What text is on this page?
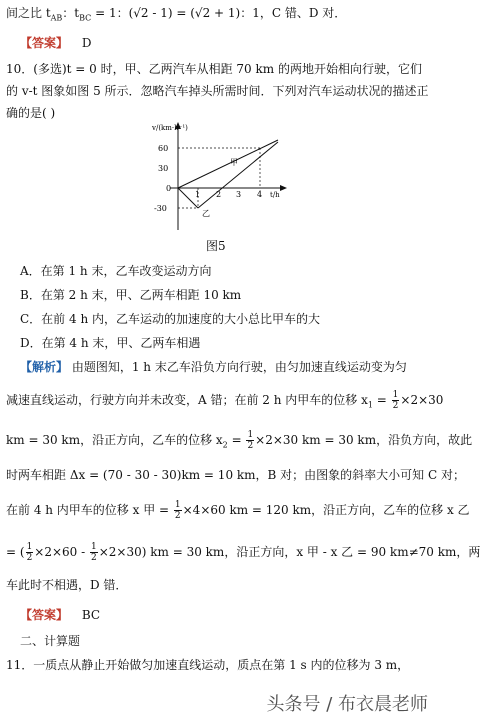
间之比 $t_{AB}$：$t_{BC} = 1$：(√2 - 1) = (√2 + 1)：1，C 错、D 对．
【答案】 D
10．(多选)t = 0 时，甲、乙两汽车从相距 70 km 的两地开始相向行驶，它们
的 v-t 图象如图 5 所示．忽略汽车掉头所需时间．下列对汽车运动状况的描述正
确的是( )
60
30
0
-30
1 2 3 4
v/(km·h⁻¹)
t/h
甲
乙
图5
A．在第 1 h 末，乙车改变运动方向
B．在第 2 h 末，甲、乙两车相距 10 km
C．在前 4 h 内，乙车运动的加速度的大小总比甲车的大
D．在第 4 h 末，甲、乙两车相遇
【解析】 由题图知，1 h 末乙车沿负方向行驶，由匀加速直线运动变为匀
减速直线运动，行驶方向并未改变，A 错；在前 2 h 内甲车的位移 $x_1 = \frac{1}{2} \times 2\times 30$
km = 30 km，沿正方向，乙车的位移 $x_2 = \frac{1}{2} \times 2\times 30$ km = 30 km，沿负方向，故此
时两车相距 Δx = (70 - 30 - 30)km = 10 km，B 对；由图象的斜率大小可知 C 对；
在前 4 h 内甲车的位移 x 甲 = $\frac{1}{2} \times 4\times 60$ km = 120 km，沿正方向，乙车的位移 x 乙
= ( $\frac{1}{2} \times 2\times 60 - \frac{1}{2} \times 2\times 30$) km = 30 km，沿正方向，x 甲 - x 乙 = 90 km≠70 km，两
车此时不相遇，D 错．
【答案】 BC
二、计算题
11．一质点从静止开始做匀加速直线运动，质点在第 1 s 内的位移为 3 m，
头条号 / 布衣晨老师
